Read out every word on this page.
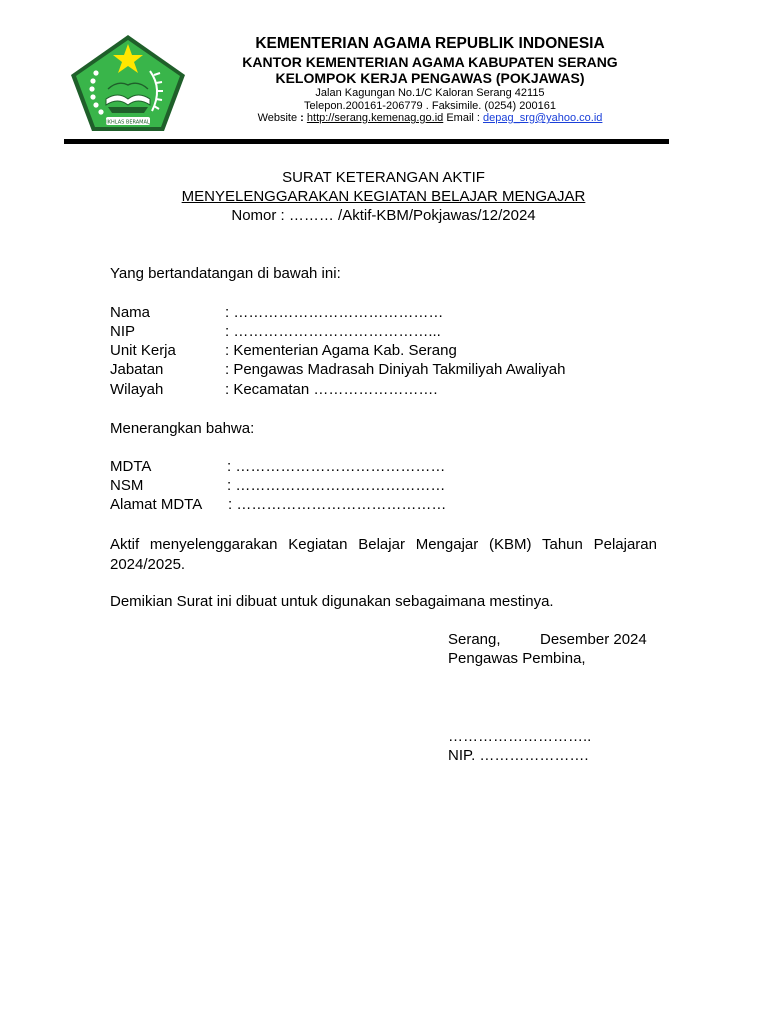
IKHLAS BERAMAL
KEMENTERIAN AGAMA REPUBLIK INDONESIA
KANTOR KEMENTERIAN AGAMA KABUPATEN SERANG
KELOMPOK KERJA PENGAWAS (POKJAWAS)
Jalan Kagungan No.1/C Kaloran Serang 42115
Telepon.200161-206779 . Faksimile. (0254) 200161
Website : http://serang.kemenag.go.id Email : depag_srg@yahoo.co.id
SURAT KETERANGAN AKTIF
MENYELENGGARAKAN KEGIATAN BELAJAR MENGAJAR
Nomor : ……… /Aktif-KBM/Pokjawas/12/2024
Yang bertandatangan di bawah ini:
Nama	: ……………………………………
NIP	: …………………………………...
Unit Kerja	: Kementerian Agama Kab. Serang
Jabatan	: Pengawas Madrasah Diniyah Takmiliyah Awaliyah
Wilayah	: Kecamatan …………………….
Menerangkan bahwa:
MDTA	: ……………………………………
NSM	: ……………………………………
Alamat MDTA : ……………………………………
Aktif menyelenggarakan Kegiatan Belajar Mengajar (KBM) Tahun Pelajaran 2024/2025.
Demikian Surat ini dibuat untuk digunakan sebagaimana mestinya.
Serang,	Desember 2024
Pengawas Pembina,
………………………..
NIP. ………………….
